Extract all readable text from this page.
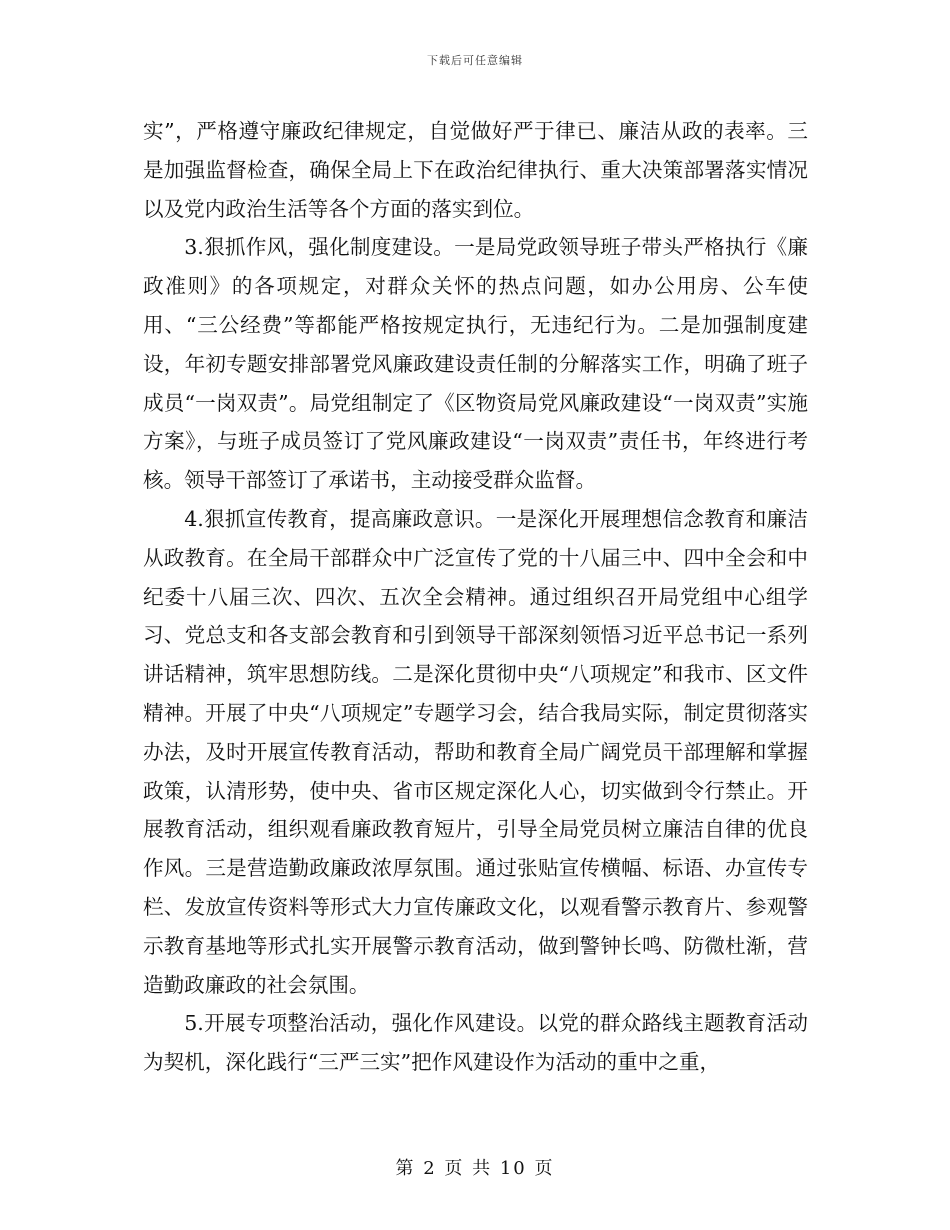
下载后可任意编辑

实”，严格遵守廉政纪律规定，自觉做好严于律已、廉洁从政的表率。三是加强监督检查，确保全局上下在政治纪律执行、重大决策部署落实情况以及党内政治生活等各个方面的落实到位。

3.狠抓作风，强化制度建设。一是局党政领导班子带头严格执行《廉政准则》的各项规定，对群众关怀的热点问题，如办公用房、公车使用、“三公经费”等都能严格按规定执行，无违纪行为。二是加强制度建设，年初专题安排部署党风廉政建设责任制的分解落实工作，明确了班子成员“一岗双责”。局党组制定了《区物资局党风廉政建设“一岗双责”实施方案》，与班子成员签订了党风廉政建设“一岗双责”责任书，年终进行考核。领导干部签订了承诺书，主动接受群众监督。

4.狠抓宣传教育，提高廉政意识。一是深化开展理想信念教育和廉洁从政教育。在全局干部群众中广泛宣传了党的十八届三中、四中全会和中纪委十八届三次、四次、五次全会精神。通过组织召开局党组中心组学习、党总支和各支部会教育和引到领导干部深刻领悟习近平总书记一系列讲话精神，筑牢思想防线。二是深化贯彻中央“八项规定”和我市、区文件精神。开展了中央“八项规定”专题学习会，结合我局实际，制定贯彻落实办法，及时开展宣传教育活动，帮助和教育全局广阔党员干部理解和掌握政策，认清形势，使中央、省市区规定深化人心，切实做到令行禁止。开展教育活动，组织观看廉政教育短片，引导全局党员树立廉洁自律的优良作风。三是营造勤政廉政浓厚氛围。通过张贴宣传横幅、标语、办宣传专栏、发放宣传资料等形式大力宣传廉政文化，以观看警示教育片、参观警示教育基地等形式扎实开展警示教育活动，做到警钟长鸣、防微杜渐，营造勤政廉政的社会氛围。

5.开展专项整治活动，强化作风建设。以党的群众路线主题教育活动为契机，深化践行“三严三实”把作风建设作为活动的重中之重，

第 2 页 共 10 页
